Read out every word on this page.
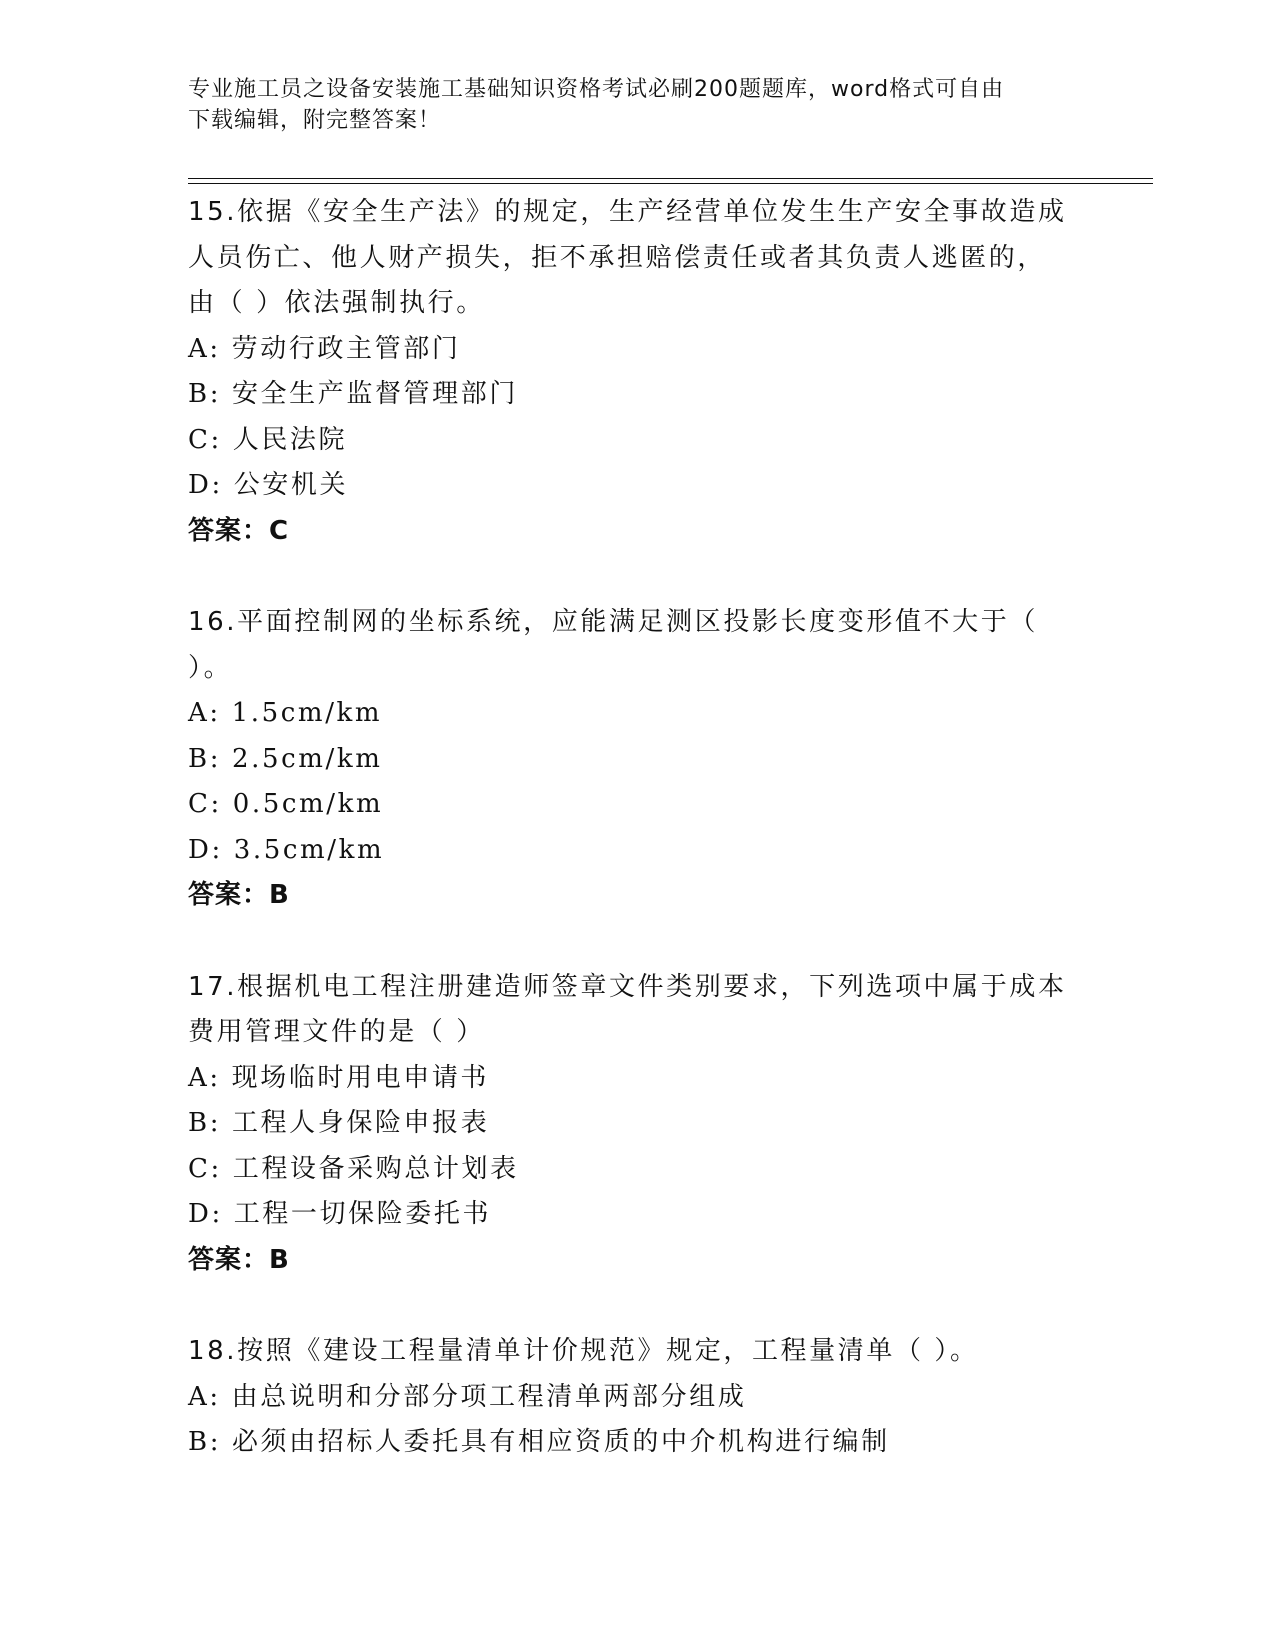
专业施工员之设备安装施工基础知识资格考试必刷200题题库，word格式可自由
下载编辑，附完整答案！
15.依据《安全生产法》的规定，生产经营单位发生生产安全事故造成
人员伤亡、他人财产损失，拒不承担赔偿责任或者其负责人逃匿的，
由（ ）依法强制执行。
A: 劳动行政主管部门
B: 安全生产监督管理部门
C: 人民法院
D: 公安机关
答案：C
16.平面控制网的坐标系统，应能满足测区投影长度变形值不大于（
）。
A: 1.5cm/km
B: 2.5cm/km
C: 0.5cm/km
D: 3.5cm/km
答案：B
17.根据机电工程注册建造师签章文件类别要求，下列选项中属于成本
费用管理文件的是（ ）
A: 现场临时用电申请书
B: 工程人身保险申报表
C: 工程设备采购总计划表
D: 工程一切保险委托书
答案：B
18.按照《建设工程量清单计价规范》规定，工程量清单（ ）。
A: 由总说明和分部分项工程清单两部分组成
B: 必须由招标人委托具有相应资质的中介机构进行编制
